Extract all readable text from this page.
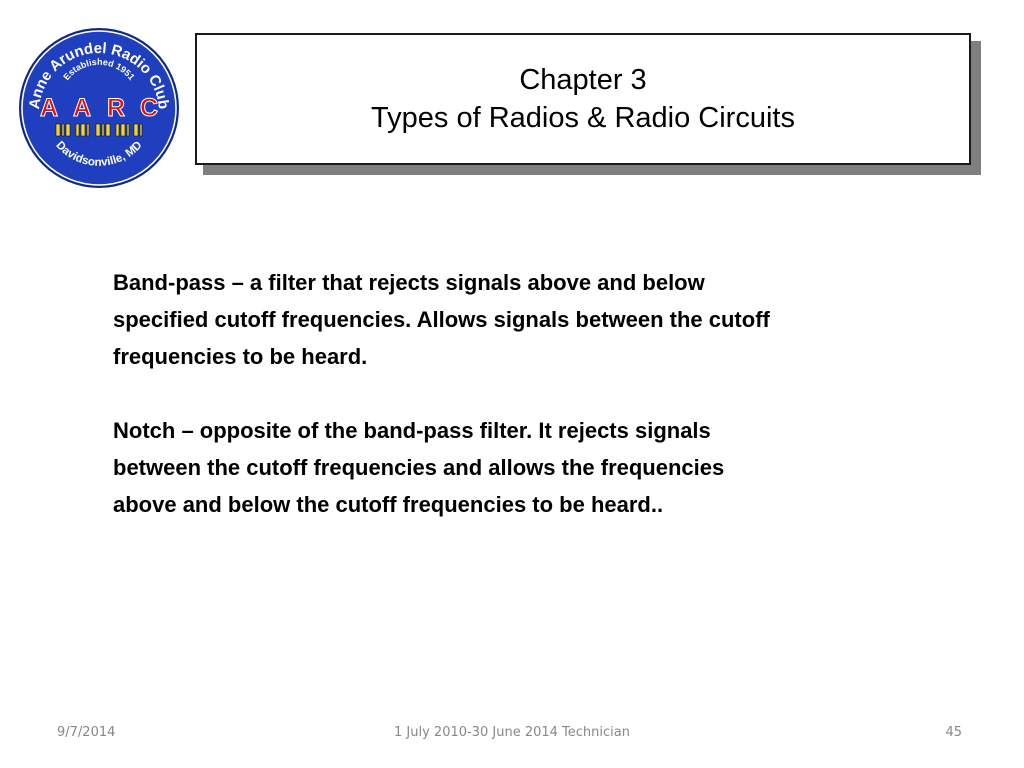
Anne Arundel Radio Club
Established 1951
A A R C
Davidsonville, MD
Chapter 3
Types of Radios & Radio Circuits

Band-pass – a filter that rejects signals above and below
specified cutoff frequencies. Allows signals between the cutoff
frequencies to be heard.

Notch – opposite of the band-pass filter. It rejects signals
between the cutoff frequencies and allows the frequencies
above and below the cutoff frequencies to be heard..

9/7/2014	1 July 2010-30 June 2014 Technician	45
